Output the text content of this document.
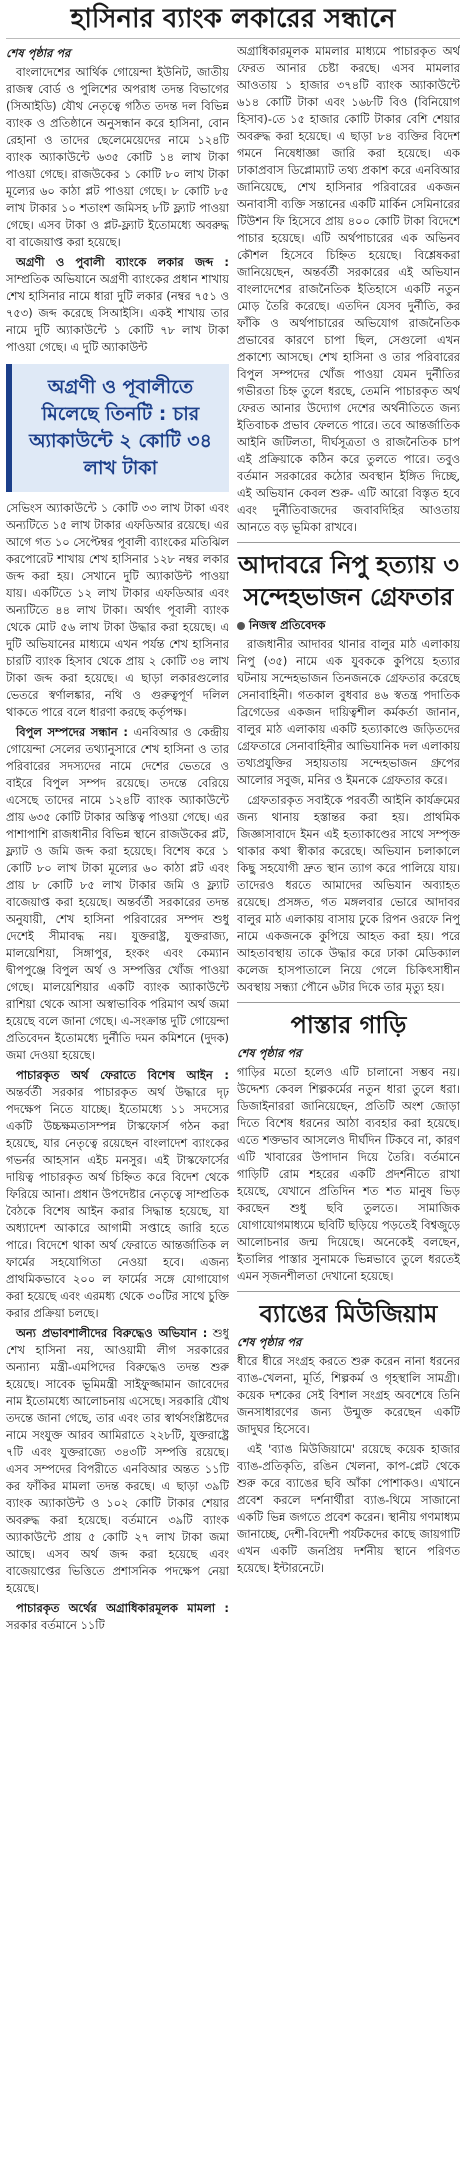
হাসিনার ব্যাংক লকারের সন্ধানে
শেষ পৃষ্ঠার পর

বাংলাদেশের আর্থিক গোয়েন্দা ইউনিট, জাতীয় রাজস্ব বোর্ড ও পুলিশের অপরাধ তদন্ত বিভাগের (সিআইডি) যৌথ নেতৃত্বে গঠিত তদন্ত দল বিভিন্ন ব্যাংক ও প্রতিষ্ঠানে অনুসন্ধান করে হাসিনা, বোন রেহানা ও তাদের ছেলেমেয়েদের নামে ১২৪টি ব্যাংক অ্যাকাউন্টে ৬৩৫ কোটি ১৪ লাখ টাকা পাওয়া গেছে। রাজউকের ১ কোটি ৮০ লাখ টাকা মূল্যের ৬০ কাঠা প্লট পাওয়া গেছে। ৮ কোটি ৮৫ লাখ টাকার ১০ শতাংশ জমিসহ ৮টি ফ্ল্যাট পাওয়া গেছে। এসব টাকা ও প্লট-ফ্ল্যাট ইতোমধ্যে অবরুদ্ধ বা বাজেয়াপ্ত করা হয়েছে।

অগ্রণী ও পুবালী ব্যাংকে লকার জব্দ : সাম্প্রতিক অভিযানে অগ্রণী ব্যাংকের প্রধান শাখায় শেখ হাসিনার নামে ধারা দুটি লকার (নম্বর ৭৫১ ও ৭৫৩) জব্দ করেছে সিআইসি। একই শাখায় তার নামে দুটি অ্যাকাউন্টে ১ কোটি ৭৮ লাখ টাকা পাওয়া গেছে। এ দুটি অ্যাকাউন্ট

অগ্রণী ও পূবালীতে মিলেছে তিনটি : চার অ্যাকাউন্টে ২ কোটি ৩৪ লাখ টাকা

সেভিংস অ্যাকাউন্টে ১ কোটি ৩৩ লাখ টাকা এবং অন্যটিতে ১৫ লাখ টাকার এফডিআর রয়েছে। এর আগে গত ১০ সেপ্টেম্বর পূবালী ব্যাংকের মতিঝিল করপোরেট শাখায় শেখ হাসিনার ১২৮ নম্বর লকার জব্দ করা হয়। সেখানে দুটি অ্যাকাউন্ট পাওয়া যায়। একটিতে ১২ লাখ টাকার এফডিআর এবং অন্যটিতে ৪৪ লাখ টাকা। অর্থাৎ পূবালী ব্যাংক থেকে মোট ৫৬ লাখ টাকা উদ্ধার করা হয়েছে। এ দুটি অভিযানের মাধ্যমে এখন পর্যন্ত শেখ হাসিনার চারটি ব্যাংক হিসাব থেকে প্রায় ২ কোটি ৩৪ লাখ টাকা জব্দ করা হয়েছে। এ ছাড়া লকারগুলোর ভেতরে স্বর্ণালঙ্কার, নথি ও গুরুত্বপূর্ণ দলিল থাকতে পারে বলে ধারণা করছে কর্তৃপক্ষ।

বিপুল সম্পদের সন্ধান : এনবিআর ও কেন্দ্রীয় গোয়েন্দা সেলের তথ্যানুসারে শেখ হাসিনা ও তার পরিবারের সদস্যদের নামে দেশের ভেতরে ও বাইরে বিপুল সম্পদ রয়েছে। তদন্তে বেরিয়ে এসেছে তাদের নামে ১২৪টি ব্যাংক অ্যাকাউন্টে প্রায় ৬৩৫ কোটি টাকার অস্তিত্ব পাওয়া গেছে। এর পাশাপাশি রাজধানীর বিভিন্ন স্থানে রাজউকের প্লট, ফ্ল্যাট ও জমি জব্দ করা হয়েছে। বিশেষ করে ১ কোটি ৮০ লাখ টাকা মূল্যের ৬০ কাঠা প্লট এবং প্রায় ৮ কোটি ৮৫ লাখ টাকার জমি ও ফ্ল্যাট বাজেয়াপ্ত করা হয়েছে। অন্তর্বর্তী সরকারের তদন্ত অনুযায়ী, শেখ হাসিনা পরিবারের সম্পদ শুধু দেশেই সীমাবদ্ধ নয়। যুক্তরাষ্ট্র, যুক্তরাজ্য, মালয়েশিয়া, সিঙ্গাপুর, হংকং এবং কেম্যান দ্বীপপুঞ্জে বিপুল অর্থ ও সম্পত্তির খোঁজ পাওয়া গেছে। মালয়েশিয়ার একটি ব্যাংক অ্যাকাউন্টে রাশিয়া থেকে আসা অস্বাভাবিক পরিমাণ অর্থ জমা হয়েছে বলে জানা গেছে। এ-সংক্রান্ত দুটি গোয়েন্দা প্রতিবেদন ইতোমধ্যে দুর্নীতি দমন কমিশনে (দুদক) জমা দেওয়া হয়েছে।

পাচারকৃত অর্থ ফেরাতে বিশেষ আইন : অন্তর্বর্তী সরকার পাচারকৃত অর্থ উদ্ধারে দৃঢ় পদক্ষেপ নিতে যাচ্ছে। ইতোমধ্যে ১১ সদস্যের একটি উচ্চক্ষমতাসম্পন্ন টাস্কফোর্স গঠন করা হয়েছে, যার নেতৃত্বে রয়েছেন বাংলাদেশ ব্যাংকের গভর্নর আহসান এইচ মনসুর। এই টাস্কফোর্সের দায়িত্ব পাচারকৃত অর্থ চিহ্নিত করে বিদেশ থেকে ফিরিয়ে আনা। প্রধান উপদেষ্টার নেতৃত্বে সাম্প্রতিক বৈঠকে বিশেষ আইন করার সিদ্ধান্ত হয়েছে, যা অধ্যাদেশ আকারে আগামী সপ্তাহে জারি হতে পারে। বিদেশে থাকা অর্থ ফেরাতে আন্তর্জাতিক ল ফার্মের সহযোগিতা নেওয়া হবে। এজন্য প্রাথমিকভাবে ২০০ ল ফার্মের সঙ্গে যোগাযোগ করা হয়েছে এবং এরমধ্য থেকে ৩০টির সাথে চুক্তি করার প্রক্রিয়া চলছে।

অন্য প্রভাবশালীদের বিরুদ্ধেও অভিযান : শুধু শেখ হাসিনা নয়, আওয়ামী লীগ সরকারের অন্যান্য মন্ত্রী-এমপিদের বিরুদ্ধেও তদন্ত শুরু হয়েছে। সাবেক ভূমিমন্ত্রী সাইফুজ্জামান জাবেদের নাম ইতোমধ্যে আলোচনায় এসেছে। সরকারি যৌথ তদন্তে জানা গেছে, তার এবং তার স্বার্থসংশ্লিষ্টদের নামে সংযুক্ত আরব আমিরাতে ২২৮টি, যুক্তরাষ্ট্রে ৭টি এবং যুক্তরাজ্যে ৩৪৩টি সম্পত্তি রয়েছে। এসব সম্পদের বিপরীতে এনবিআর অন্তত ১১টি কর ফাঁকির মামলা তদন্ত করছে। এ ছাড়া ৩৯টি ব্যাংক অ্যাকাউন্ট ও ১০২ কোটি টাকার শেয়ার অবরুদ্ধ করা হয়েছে। বর্তমানে ৩৯টি ব্যাংক অ্যাকাউন্টে প্রায় ৫ কোটি ২৭ লাখ টাকা জমা আছে। এসব অর্থ জব্দ করা হয়েছে এবং বাজেয়াপ্তের ভিত্তিতে প্রশাসনিক পদক্ষেপ নেয়া হয়েছে।

পাচারকৃত অর্থের অগ্রাধিকারমূলক মামলা : সরকার বর্তমানে ১১টি

অগ্রাধিকারমূলক মামলার মাধ্যমে পাচারকৃত অর্থ ফেরত আনার চেষ্টা করছে। এসব মামলার আওতায় ১ হাজার ৩৭৪টি ব্যাংক অ্যাকাউন্টে ৬১৪ কোটি টাকা এবং ১৬৮টি বিও (বিনিয়োগ হিসাব)-তে ১৫ হাজার কোটি টাকার বেশি শেয়ার অবরুদ্ধ করা হয়েছে। এ ছাড়া ৮৪ ব্যক্তির বিদেশ গমনে নিষেধাজ্ঞা জারি করা হয়েছে। এক ঢাকাপ্রবাস ডিপ্লোম্যাট তথ্য প্রকাশ করে এনবিআর জানিয়েছে, শেখ হাসিনার পরিবারের একজন অনাবাসী ব্যক্তি সন্তানের একটি মার্কিন সেমিনারের টিউশন ফি হিসেবে প্রায় ৪০০ কোটি টাকা বিদেশে পাচার হয়েছে। এটি অর্থপাচারের এক অভিনব কৌশল হিসেবে চিহ্নিত হয়েছে। বিশ্লেষকরা জানিয়েছেন, অন্তর্বর্তী সরকারের এই অভিযান বাংলাদেশের রাজনৈতিক ইতিহাসে একটি নতুন মোড় তৈরি করেছে। এতদিন যেসব দুর্নীতি, কর ফাঁকি ও অর্থপাচারের অভিযোগ রাজনৈতিক প্রভাবের কারণে চাপা ছিল, সেগুলো এখন প্রকাশ্যে আসছে। শেখ হাসিনা ও তার পরিবারের বিপুল সম্পদের খোঁজ পাওয়া যেমন দুর্নীতির গভীরতা চিহ্ন তুলে ধরছে, তেমনি পাচারকৃত অর্থ ফেরত আনার উদ্যোগ দেশের অর্থনীতিতে জন্য ইতিবাচক প্রভাব ফেলতে পারে। তবে আন্তর্জাতিক আইনি জটিলতা, দীর্ঘসূত্রতা ও রাজনৈতিক চাপ এই প্রক্রিয়াকে কঠিন করে তুলতে পারে। তবুও বর্তমান সরকারের কঠোর অবস্থান ইঙ্গিত দিচ্ছে, এই অভিযান কেবল শুরু- এটি আরো বিস্তৃত হবে এবং দুর্নীতিবাজদের জবাবদিহির আওতায় আনতে বড় ভূমিকা রাখবে।

আদাবরে নিপু হত্যায় ৩ সন্দেহভাজন গ্রেফতার
নিজস্ব প্রতিবেদক

রাজধানীর আদাবর থানার বালুর মাঠ এলাকায় নিপু (৩৫) নামে এক যুবককে কুপিয়ে হত্যার ঘটনায় সন্দেহভাজন তিনজনকে গ্রেফতার করেছে সেনাবাহিনী। গতকাল বুধবার ৪৬ স্বতন্ত্র পদাতিক ব্রিগেডের একজন দায়িত্বশীল কর্মকর্তা জানান, বালুর মাঠ এলাকায় একটি হত্যাকাণ্ডে জড়িতদের গ্রেফতারে সেনাবাহিনীর আভিযানিক দল এলাকায় তথ্যপ্রযুক্তির সহায়তায় সন্দেহভাজন গ্রুপের আলোর সবুজ, মনির ও ইমনকে গ্রেফতার করে।

গ্রেফতারকৃত সবাইকে পরবর্তী আইনি কার্যক্রমের জন্য থানায় হস্তান্তর করা হয়। প্রাথমিক জিজ্ঞাসাবাদে ইমন এই হত্যাকাণ্ডের সাথে সম্পৃক্ত থাকার কথা স্বীকার করেছে। অভিযান চলাকালে কিছু সহযোগী দ্রুত স্থান ত্যাগ করে পালিয়ে যায়। তাদেরও ধরতে আমাদের অভিযান অব্যাহত রয়েছে। প্রসঙ্গত, গত মঙ্গলবার ভোরে আদাবর বালুর মাঠ এলাকায় বাসায় ঢুকে রিপন ওরফে নিপু নামে একজনকে কুপিয়ে আহত করা হয়। পরে আহতাবস্থায় তাকে উদ্ধার করে ঢাকা মেডিক্যাল কলেজ হাসপাতালে নিয়ে গেলে চিকিৎসাধীন অবস্থায় সন্ধ্যা পৌনে ৬টার দিকে তার মৃত্যু হয়।

পাস্তার গাড়ি
শেষ পৃষ্ঠার পর

গাড়ির মতো হলেও এটি চালানো সম্ভব নয়। উদ্দেশ্য কেবল শিল্পকর্মের নতুন ধারা তুলে ধরা। ডিজাইনাররা জানিয়েছেন, প্রতিটি অংশ জোড়া দিতে বিশেষ ধরনের আঠা ব্যবহার করা হয়েছে। এতে শক্তভাব আসলেও দীর্ঘদিন টিকবে না, কারণ এটি খাবারের উপাদান দিয়ে তৈরি। বর্তমানে গাড়িটি রোম শহরের একটি প্রদর্শনীতে রাখা হয়েছে, যেখানে প্রতিদিন শত শত মানুষ ভিড় করছেন শুধু ছবি তুলতে। সামাজিক যোগাযোগমাধ্যমে ছবিটি ছড়িয়ে পড়তেই বিশ্বজুড়ে আলোচনার জন্ম দিয়েছে। অনেকেই বলছেন, ইতালির পাস্তার সুনামকে ভিন্নভাবে তুলে ধরতেই এমন সৃজনশীলতা দেখানো হয়েছে।

ব্যাঙের মিউজিয়াম
শেষ পৃষ্ঠার পর

ধীরে ধীরে সংগ্রহ করতে শুরু করেন নানা ধরনের ব্যাঙ-খেলনা, মূর্তি, শিল্পকর্ম ও গৃহস্থালি সামগ্রী। কয়েক দশকের সেই বিশাল সংগ্রহ অবশেষে তিনি জনসাধারণের জন্য উন্মুক্ত করেছেন একটি জাদুঘর হিসেবে।

এই 'ব্যাঙ মিউজিয়ামে' রয়েছে কয়েক হাজার ব্যাঙ-প্রতিকৃতি, রঙিন খেলনা, কাপ-প্লেট থেকে শুরু করে ব্যাঙের ছবি আঁকা পোশাকও। এখানে প্রবেশ করলে দর্শনার্থীরা ব্যাঙ-থিমে সাজানো একটি ভিন্ন জগতে প্রবেশ করেন। স্থানীয় গণমাধ্যম জানাচ্ছে, দেশী-বিদেশী পর্যটকদের কাছে জায়গাটি এখন একটি জনপ্রিয় দর্শনীয় স্থানে পরিণত হয়েছে। ইন্টারনেটে।
